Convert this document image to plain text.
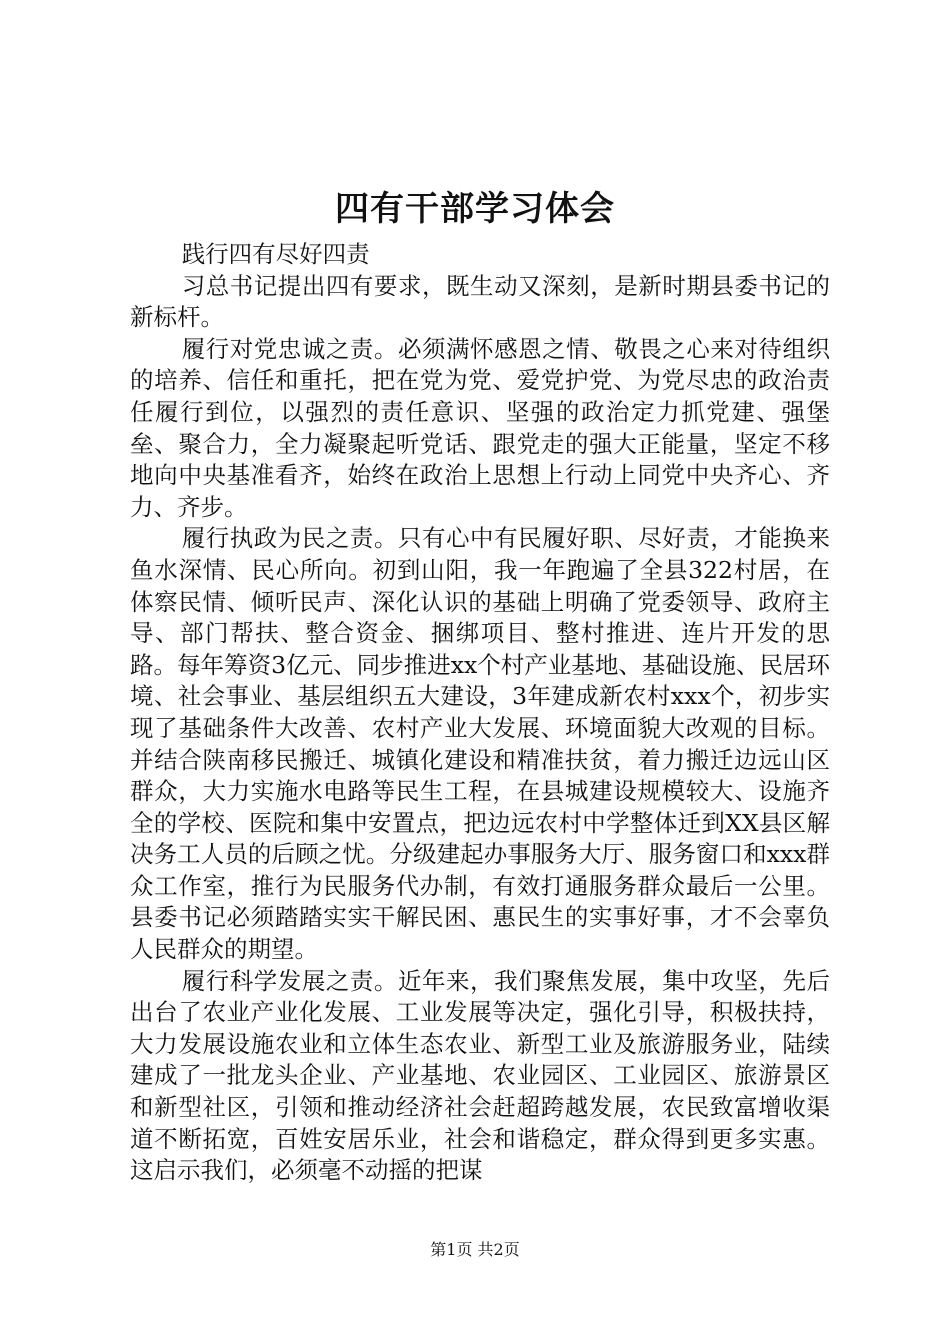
四有干部学习体会

践行四有尽好四责

习总书记提出四有要求，既生动又深刻，是新时期县委书记的新标杆。

履行对党忠诚之责。必须满怀感恩之情、敬畏之心来对待组织的培养、信任和重托，把在党为党、爱党护党、为党尽忠的政治责任履行到位，以强烈的责任意识、坚强的政治定力抓党建、强堡垒、聚合力，全力凝聚起听党话、跟党走的强大正能量，坚定不移地向中央基准看齐，始终在政治上思想上行动上同党中央齐心、齐力、齐步。

履行执政为民之责。只有心中有民履好职、尽好责，才能换来鱼水深情、民心所向。初到山阳，我一年跑遍了全县322村居，在体察民情、倾听民声、深化认识的基础上明确了党委领导、政府主导、部门帮扶、整合资金、捆绑项目、整村推进、连片开发的思路。每年筹资3亿元、同步推进xx个村产业基地、基础设施、民居环境、社会事业、基层组织五大建设，3年建成新农村xxx个，初步实现了基础条件大改善、农村产业大发展、环境面貌大改观的目标。并结合陕南移民搬迁、城镇化建设和精准扶贫，着力搬迁边远山区群众，大力实施水电路等民生工程，在县城建设规模较大、设施齐全的学校、医院和集中安置点，把边远农村中学整体迁到XX县区解决务工人员的后顾之忧。分级建起办事服务大厅、服务窗口和xxx群众工作室，推行为民服务代办制，有效打通服务群众最后一公里。县委书记必须踏踏实实干解民困、惠民生的实事好事，才不会辜负人民群众的期望。

履行科学发展之责。近年来，我们聚焦发展，集中攻坚，先后出台了农业产业化发展、工业发展等决定，强化引导，积极扶持，大力发展设施农业和立体生态农业、新型工业及旅游服务业，陆续建成了一批龙头企业、产业基地、农业园区、工业园区、旅游景区和新型社区，引领和推动经济社会赶超跨越发展，农民致富增收渠道不断拓宽，百姓安居乐业，社会和谐稳定，群众得到更多实惠。这启示我们，必须毫不动摇的把谋

第1页 共2页
